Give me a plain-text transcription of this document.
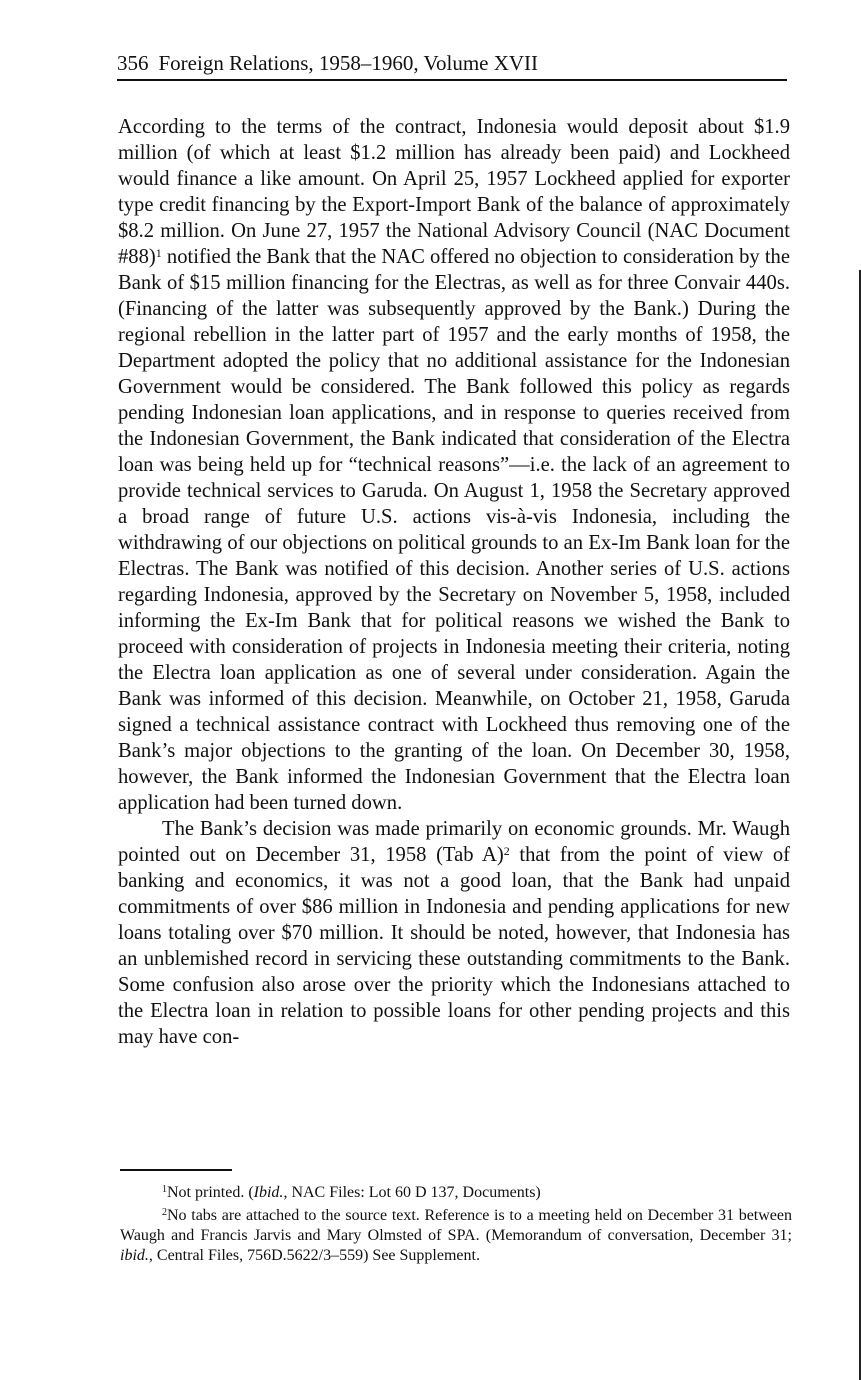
356 Foreign Relations, 1958–1960, Volume XVII

According to the terms of the contract, Indonesia would deposit about $1.9 million (of which at least $1.2 million has already been paid) and Lockheed would finance a like amount. On April 25, 1957 Lockheed applied for exporter type credit financing by the Export-Import Bank of the balance of approximately $8.2 million. On June 27, 1957 the National Advisory Council (NAC Document #88)$^1$ notified the Bank that the NAC offered no objection to consideration by the Bank of $15 million financing for the Electras, as well as for three Convair 440s. (Financing of the latter was subsequently approved by the Bank.) During the regional rebellion in the latter part of 1957 and the early months of 1958, the Department adopted the policy that no additional assistance for the Indonesian Government would be considered. The Bank followed this policy as regards pending Indonesian loan applications, and in response to queries received from the Indonesian Government, the Bank indicated that consideration of the Electra loan was being held up for “technical reasons”—i.e. the lack of an agreement to provide technical services to Garuda. On August 1, 1958 the Secretary approved a broad range of future U.S. actions vis-à-vis Indonesia, including the withdrawing of our objections on political grounds to an Ex-Im Bank loan for the Electras. The Bank was notified of this decision. Another series of U.S. actions regarding Indonesia, approved by the Secretary on November 5, 1958, included informing the Ex-Im Bank that for political reasons we wished the Bank to proceed with consideration of projects in Indonesia meeting their criteria, noting the Electra loan application as one of several under consideration. Again the Bank was informed of this decision. Meanwhile, on October 21, 1958, Garuda signed a technical assistance contract with Lockheed thus removing one of the Bank’s major objections to the granting of the loan. On December 30, 1958, however, the Bank informed the Indonesian Government that the Electra loan application had been turned down.

The Bank’s decision was made primarily on economic grounds. Mr. Waugh pointed out on December 31, 1958 (Tab A)$^2$ that from the point of view of banking and economics, it was not a good loan, that the Bank had unpaid commitments of over $86 million in Indonesia and pending applications for new loans totaling over $70 million. It should be noted, however, that Indonesia has an unblemished record in servicing these outstanding commitments to the Bank. Some confusion also arose over the priority which the Indonesians attached to the Electra loan in relation to possible loans for other pending projects and this may have con-

$^1$Not printed. (Ibid., NAC Files: Lot 60 D 137, Documents)

$^2$No tabs are attached to the source text. Reference is to a meeting held on December 31 between Waugh and Francis Jarvis and Mary Olmsted of SPA. (Memorandum of conversation, December 31; ibid., Central Files, 756D.5622/3–559) See Supplement.
